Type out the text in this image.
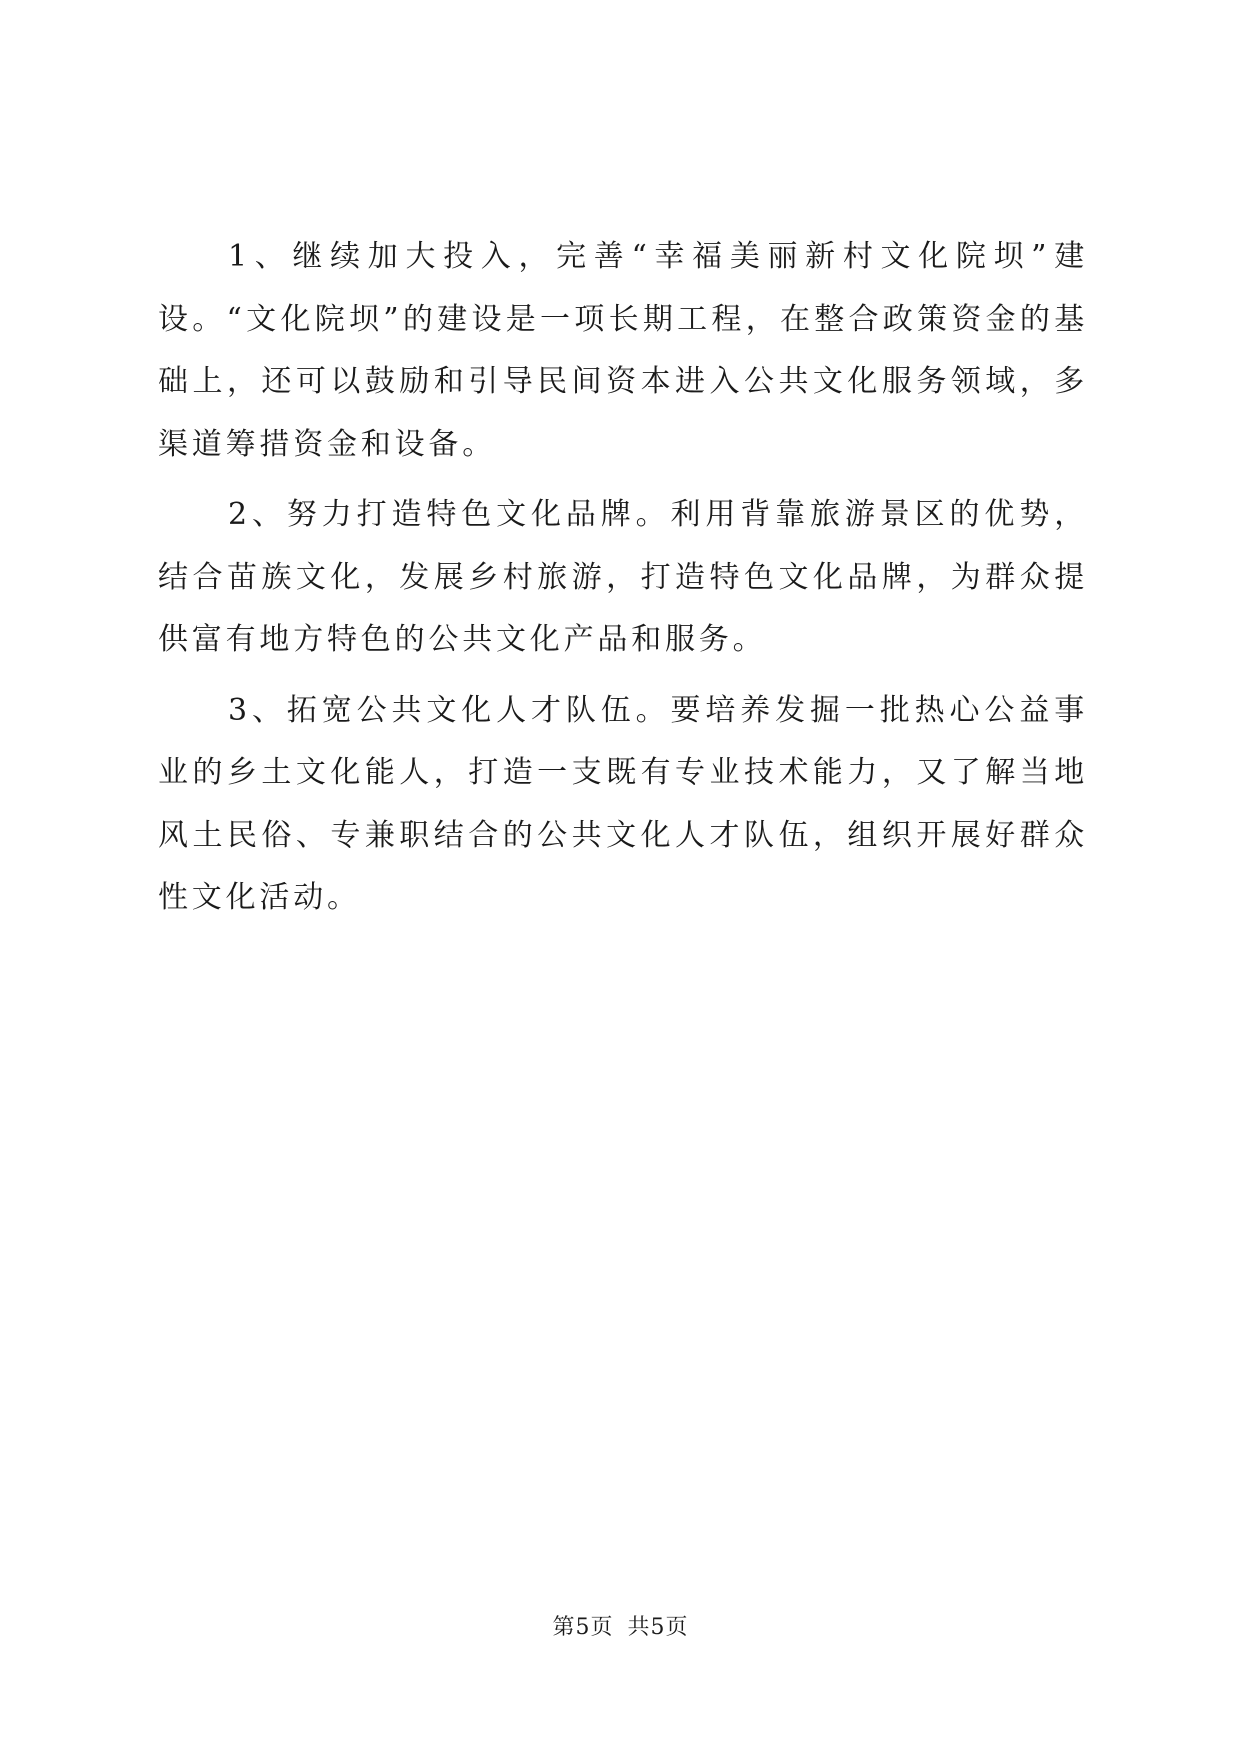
1、继续加大投入，完善“幸福美丽新村文化院坝”建设。“文化院坝”的建设是一项长期工程，在整合政策资金的基础上，还可以鼓励和引导民间资本进入公共文化服务领域，多渠道筹措资金和设备。

2、努力打造特色文化品牌。利用背靠旅游景区的优势，结合苗族文化，发展乡村旅游，打造特色文化品牌，为群众提供富有地方特色的公共文化产品和服务。

3、拓宽公共文化人才队伍。要培养发掘一批热心公益事业的乡土文化能人，打造一支既有专业技术能力，又了解当地风土民俗、专兼职结合的公共文化人才队伍，组织开展好群众性文化活动。

第5页 共5页
